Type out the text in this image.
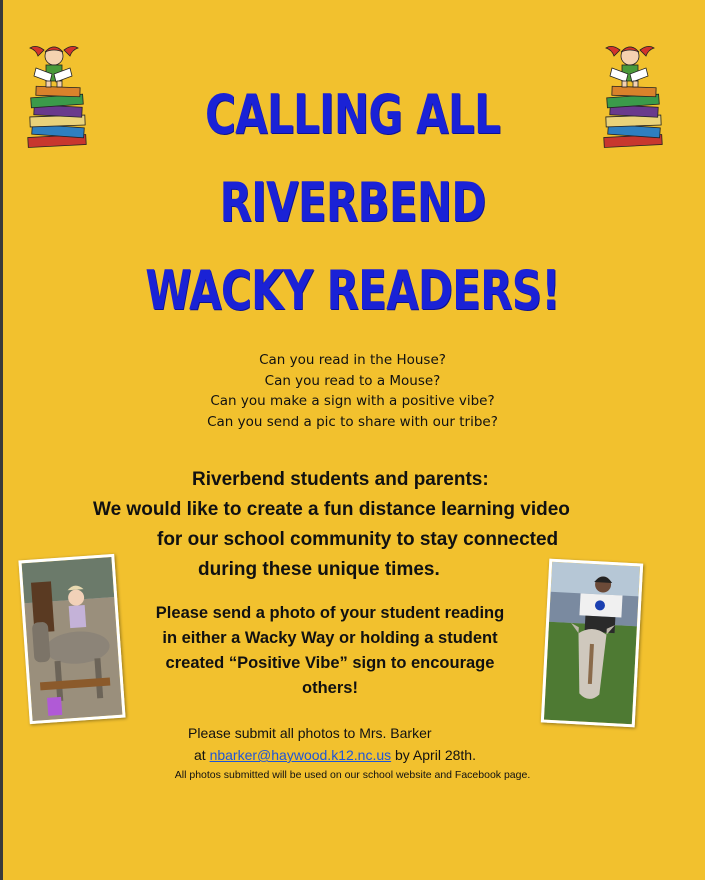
CALLING ALL
RIVERBEND
WACKY READERS!
Can you read in the House?
Can you read to a Mouse?
Can you make a sign with a positive vibe?
Can you send a pic to share with our tribe?
Riverbend students and parents:
We would like to create a fun distance learning video
for our school community to stay connected
during these unique times.
Please send a photo of your student reading
in either a Wacky Way or holding a student
created “Positive Vibe” sign to encourage
others!
Please submit all photos to Mrs. Barker
at nbarker@haywood.k12.nc.us by April 28th.
All photos submitted will be used on our school website and Facebook page.
